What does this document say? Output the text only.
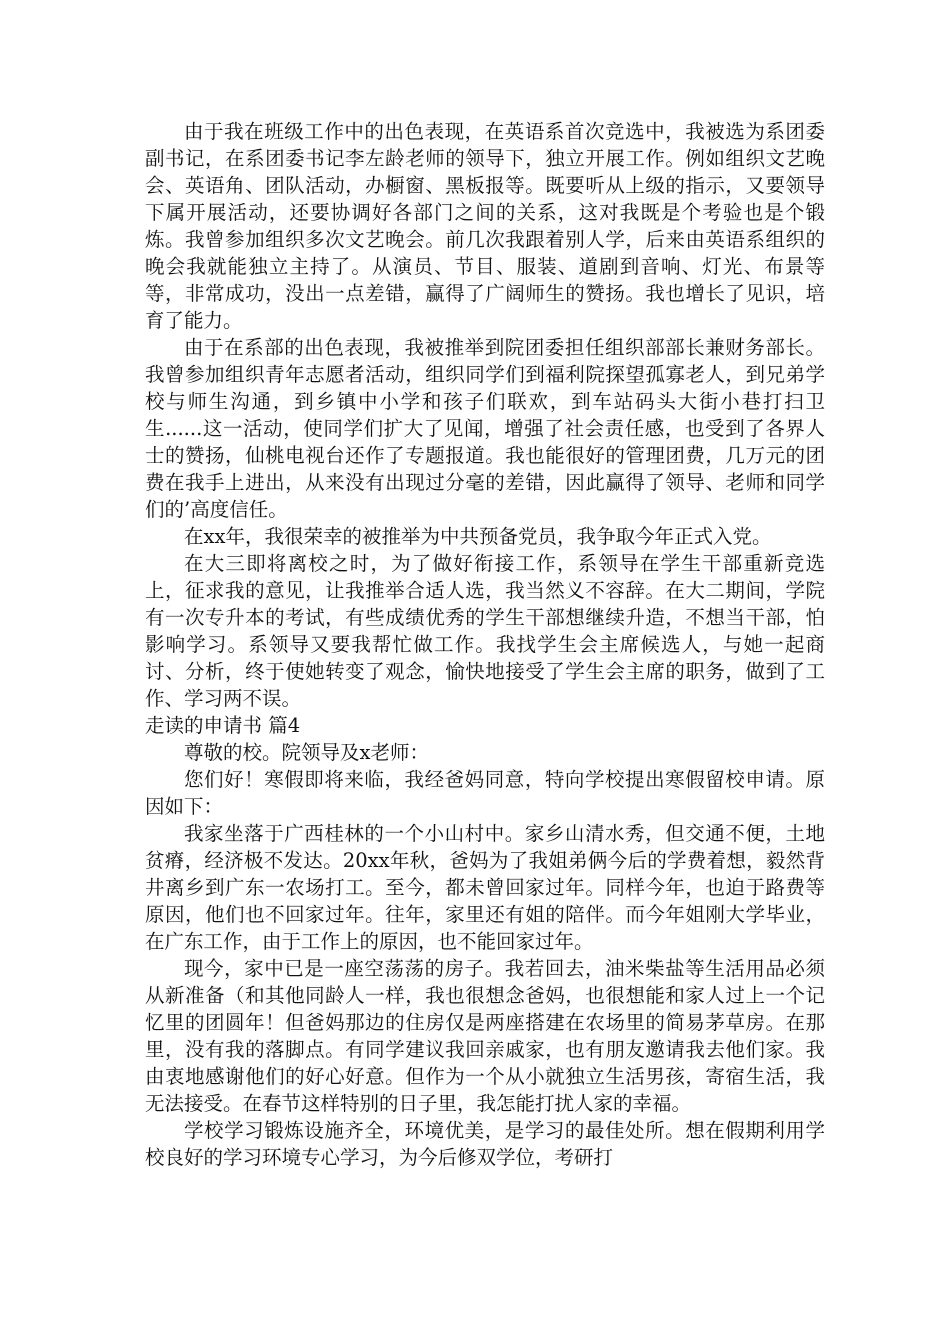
由于我在班级工作中的出色表现，在英语系首次竞选中，我被选为系团委副书记，在系团委书记李左龄老师的领导下，独立开展工作。例如组织文艺晚会、英语角、团队活动，办橱窗、黑板报等。既要听从上级的指示，又要领导下属开展活动，还要协调好各部门之间的关系，这对我既是个考验也是个锻炼。我曾参加组织多次文艺晚会。前几次我跟着别人学，后来由英语系组织的晚会我就能独立主持了。从演员、节目、服装、道剧到音响、灯光、布景等等，非常成功，没出一点差错，赢得了广阔师生的赞扬。我也增长了见识，培育了能力。

由于在系部的出色表现，我被推举到院团委担任组织部部长兼财务部长。我曾参加组织青年志愿者活动，组织同学们到福利院探望孤寡老人，到兄弟学校与师生沟通，到乡镇中小学和孩子们联欢，到车站码头大街小巷打扫卫生......这一活动，使同学们扩大了见闻，增强了社会责任感，也受到了各界人士的赞扬，仙桃电视台还作了专题报道。我也能很好的管理团费，几万元的团费在我手上进出，从来没有出现过分毫的差错，因此赢得了领导、老师和同学们的’高度信任。

在xx年，我很荣幸的被推举为中共预备党员，我争取今年正式入党。

在大三即将离校之时，为了做好衔接工作，系领导在学生干部重新竞选上，征求我的意见，让我推举合适人选，我当然义不容辞。在大二期间，学院有一次专升本的考试，有些成绩优秀的学生干部想继续升造，不想当干部，怕影响学习。系领导又要我帮忙做工作。我找学生会主席候选人，与她一起商讨、分析，终于使她转变了观念，愉快地接受了学生会主席的职务，做到了工作、学习两不误。

走读的申请书 篇4

尊敬的校。院领导及x老师：

您们好！寒假即将来临，我经爸妈同意，特向学校提出寒假留校申请。原因如下：

我家坐落于广西桂林的一个小山村中。家乡山清水秀，但交通不便，土地贫瘠，经济极不发达。20xx年秋，爸妈为了我姐弟俩今后的学费着想，毅然背井离乡到广东一农场打工。至今，都未曾回家过年。同样今年，也迫于路费等原因，他们也不回家过年。往年，家里还有姐的陪伴。而今年姐刚大学毕业，在广东工作，由于工作上的原因，也不能回家过年。

现今，家中已是一座空荡荡的房子。我若回去，油米柴盐等生活用品必须从新准备（和其他同龄人一样，我也很想念爸妈，也很想能和家人过上一个记忆里的团圆年！但爸妈那边的住房仅是两座搭建在农场里的简易茅草房。在那里，没有我的落脚点。有同学建议我回亲戚家，也有朋友邀请我去他们家。我由衷地感谢他们的好心好意。但作为一个从小就独立生活男孩，寄宿生活，我无法接受。在春节这样特别的日子里，我怎能打扰人家的幸福。

学校学习锻炼设施齐全，环境优美，是学习的最佳处所。想在假期利用学校良好的学习环境专心学习，为今后修双学位，考研打
